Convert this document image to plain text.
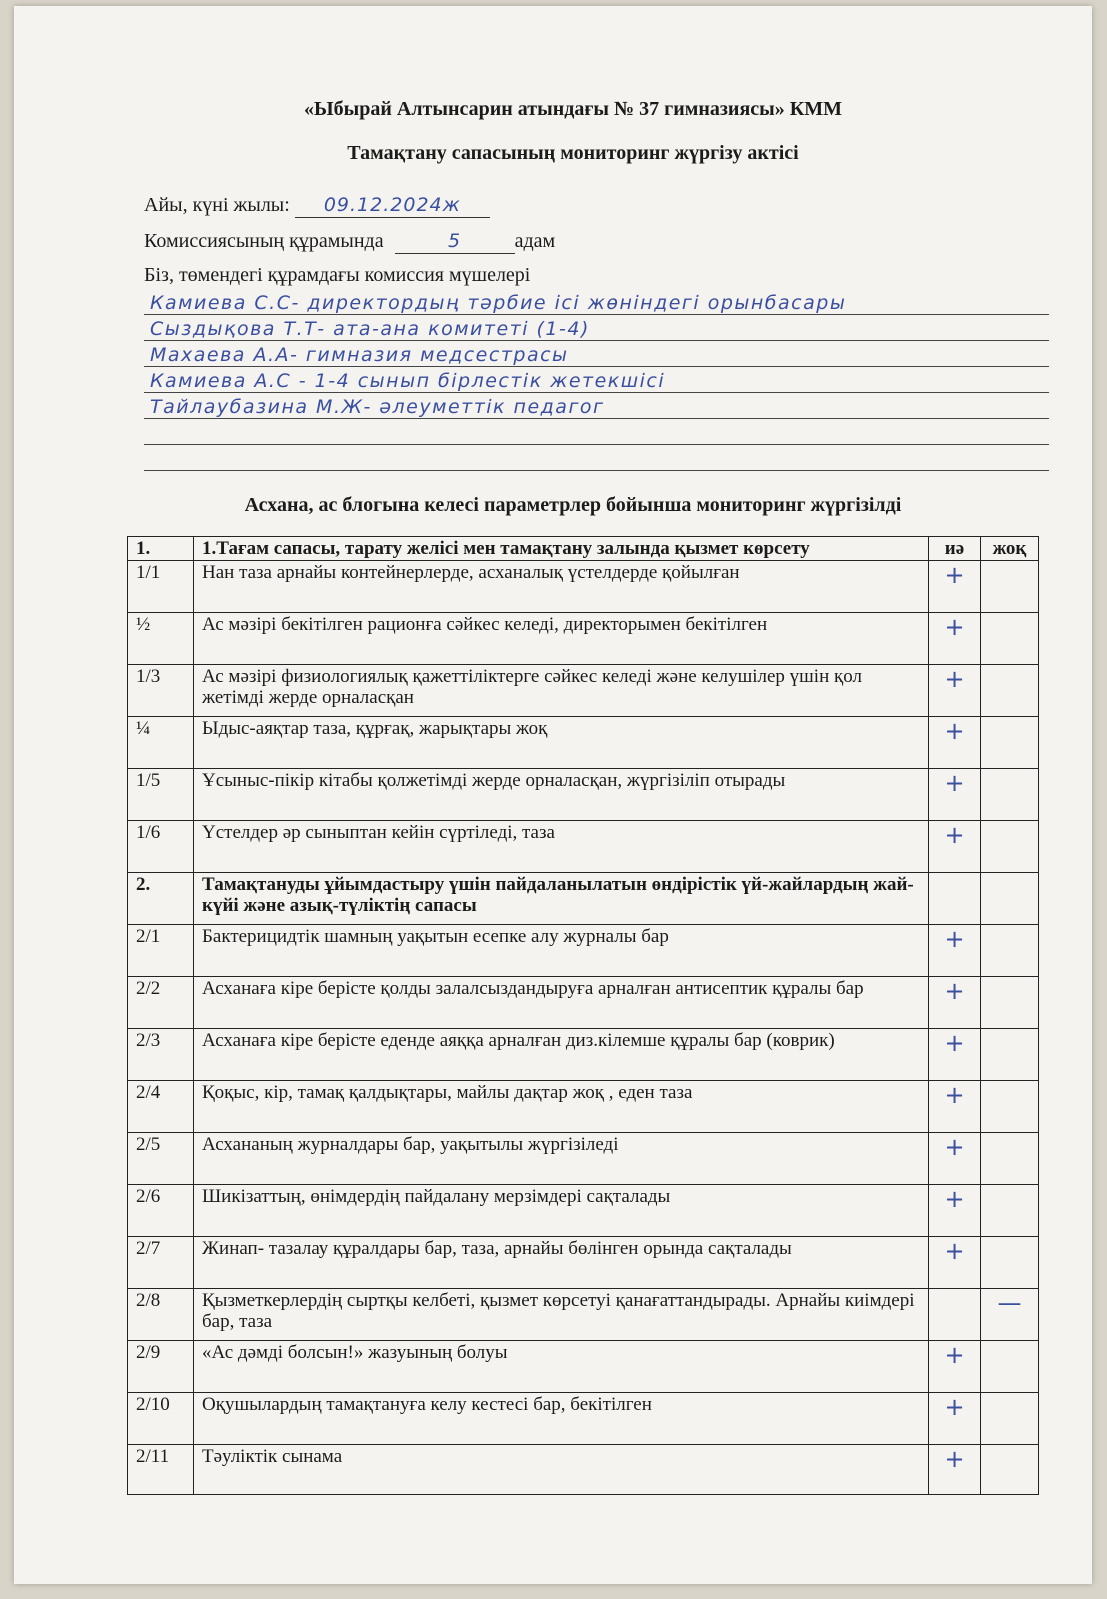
«Ыбырай Алтынсарин атындағы № 37 гимназиясы» КММ
Тамақтану сапасының мониторинг жүргізу актісі
Айы, күні жылы: 09.12.2024ж
Комиссиясының құрамында	5	адам
Біз, төмендегі құрамдағы комиссия мүшелері
Камиева С.С- директордың тәрбие ісі жөніндегі орынбасары
Сыздықова Т.Т- ата-ана комитеті (1-4)
Махаева А.А- гимназия медсестрасы
Камиева А.С - 1-4 сынып бірлестік жетекшісі
Тайлаубазина М.Ж- әлеуметтік педагог
Асхана, ас блогына келесі параметрлер бойынша мониторинг жүргізілді
1.	1.Тағам сапасы, тарату желісі мен тамақтану залында қызмет көрсету	иә	жоқ
1/1	Нан таза арнайы контейнерлерде, асханалық үстелдерде қойылған	+	
½	Ас мәзірі бекітілген рационға сәйкес келеді, директорымен бекітілген	+	
1/3	Ас мәзірі физиологиялық қажеттіліктерге сәйкес келеді және келушілер үшін қол жетімді жерде орналасқан	+	
¼	Ыдыс-аяқтар таза, құрғақ, жарықтары жоқ	+	
1/5	Ұсыныс-пікір кітабы қолжетімді жерде орналасқан, жүргізіліп отырады	+	
1/6	Үстелдер әр сыныптан кейін сүртіледі, таза	+	
2.	Тамақтануды ұйымдастыру үшін пайдаланылатын өндірістік үй-жайлардың жай-күйі және азық-түліктің сапасы		
2/1	Бактерицидтік шамның уақытын есепке алу журналы бар	+	
2/2	Асханаға кіре берісте қолды залалсыздандыруға арналған антисептик құралы бар	+	
2/3	Асханаға кіре берісте еденде аяққа арналған диз.кілемше құралы бар (коврик)	+	
2/4	Қоқыс, кір, тамақ қалдықтары, майлы дақтар жоқ , еден таза	+	
2/5	Асхананың журналдары бар, уақытылы жүргізіледі	+	
2/6	Шикізаттың, өнімдердің пайдалану мерзімдері сақталады	+	
2/7	Жинап- тазалау құралдары бар, таза, арнайы бөлінген орында сақталады	+	
2/8	Қызметкерлердің сыртқы келбеті, қызмет көрсетуі қанағаттандырады. Арнайы киімдері бар, таза		—
2/9	«Ас дәмді болсын!» жазуының болуы	+	
2/10	Оқушылардың тамақтануға келу кестесі бар, бекітілген	+	
2/11	Тәуліктік сынама	+	
